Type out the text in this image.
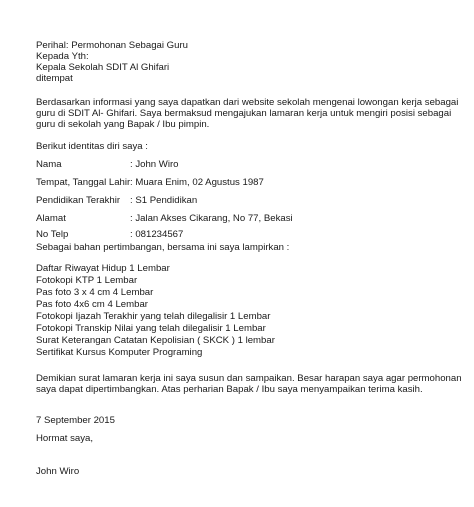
Perihal: Permohonan Sebagai Guru
Kepada Yth:
Kepala Sekolah SDIT Al Ghifari
ditempat
Berdasarkan informasi yang saya dapatkan dari website sekolah mengenai lowongan kerja sebagai
guru di SDIT Al- Ghifari. Saya bermaksud mengajukan lamaran kerja untuk mengiri posisi sebagai
guru di sekolah yang Bapak / Ibu pimpin.
Berikut identitas diri saya :
Nama	: John Wiro
Tempat, Tanggal Lahir : Muara Enim, 02 Agustus 1987
Pendidikan Terakhir : S1 Pendidikan
Alamat	: Jalan Akses Cikarang, No 77, Bekasi
No Telp	: 081234567
Sebagai bahan pertimbangan, bersama ini saya lampirkan :
Daftar Riwayat Hidup 1 Lembar
Fotokopi KTP 1 Lembar
Pas foto 3 x 4 cm 4 Lembar
Pas foto 4x6 cm 4 Lembar
Fotokopi Ijazah Terakhir yang telah dilegalisir 1 Lembar
Fotokopi Transkip Nilai yang telah dilegalisir 1 Lembar
Surat Keterangan Catatan Kepolisian ( SKCK ) 1 lembar
Sertifikat Kursus Komputer Programing
Demikian surat lamaran kerja ini saya susun dan sampaikan. Besar harapan saya agar permohonan
saya dapat dipertimbangkan. Atas perharian Bapak / Ibu saya menyampaikan terima kasih.
7 September 2015
Hormat saya,
John Wiro
